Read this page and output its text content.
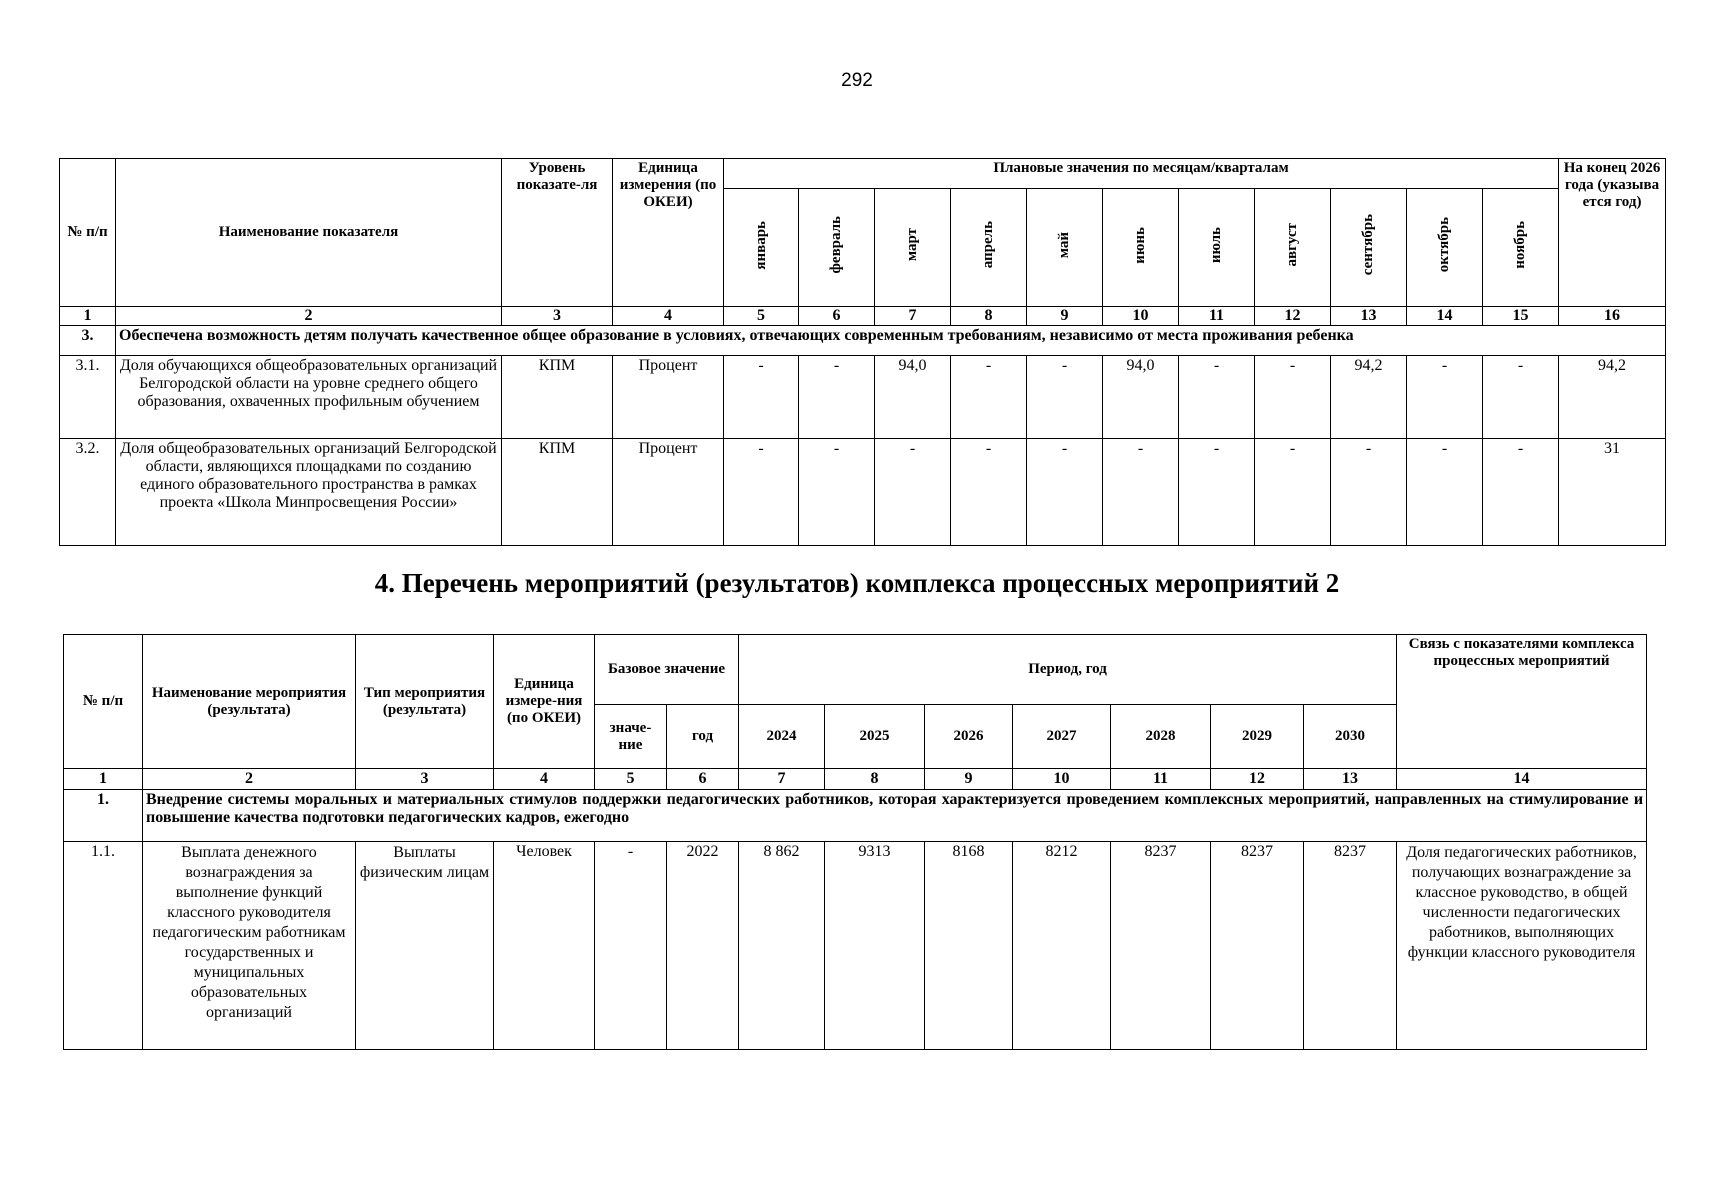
292
№ п/п	Наименование показателя	Уровень показате-ля	Единица измерения (по ОКЕИ)	Плановые значения по месяцам/кварталам											На конец 2026 года (указыва ется год)
				январь	февраль	март	апрель	май	июнь	июль	август	сентябрь	октябрь	ноябрь	
1	2	3	4	5	6	7	8	9	10	11	12	13	14	15	16
3.	Обеспечена возможность детям получать качественное общее образование в условиях, отвечающих современным требованиям, независимо от места проживания ребенка														
3.1.	Доля обучающихся общеобразовательных организаций Белгородской области на уровне среднего общего образования, охваченных профильным обучением	КПМ	Процент	-	-	94,0	-	-	94,0	-	-	94,2	-	-	94,2
3.2.	Доля общеобразовательных организаций Белгородской области, являющихся площадками по созданию единого образовательного пространства в рамках проекта «Школа Минпросвещения России»	КПМ	Процент	-	-	-	-	-	-	-	-	-	-	-	31
4. Перечень мероприятий (результатов) комплекса процессных мероприятий 2
№ п/п	Наименование мероприятия (результата)	Тип мероприятия (результата)	Единица измере-ния (по ОКЕИ)	Базовое значение		Период, год							Связь с показателями комплекса процессных мероприятий
				значе-ние	год	2024	2025	2026	2027	2028	2029	2030	
1	2	3	4	5	6	7	8	9	10	11	12	13	14
1.	Внедрение системы моральных и материальных стимулов поддержки педагогических работников, которая характеризуется проведением комплексных мероприятий, направленных на стимулирование и повышение качества подготовки педагогических кадров, ежегодно												
1.1.	Выплата денежного вознаграждения за выполнение функций классного руководителя педагогическим работникам государственных и муниципальных образовательных организаций	Выплаты физическим лицам	Человек	-	2022	8 862	9313	8168	8212	8237	8237	8237	Доля педагогических работников, получающих вознаграждение за классное руководство, в общей численности педагогических работников, выполняющих функции классного руководителя
